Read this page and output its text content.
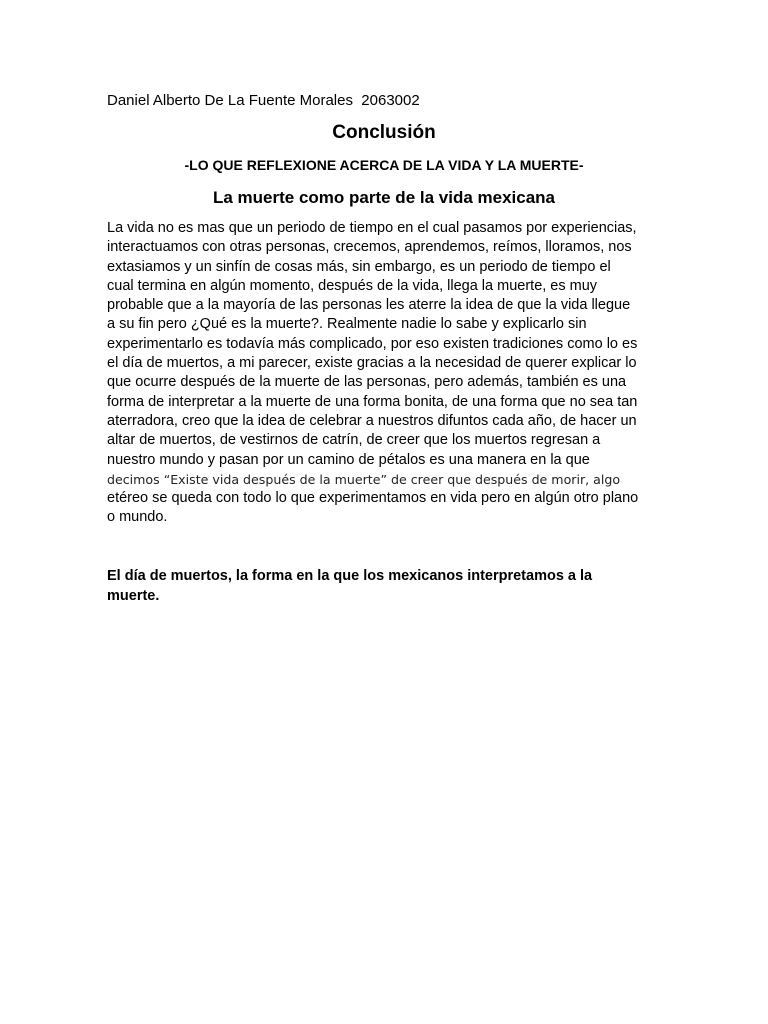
Daniel Alberto De La Fuente Morales  2063002
Conclusión
-LO QUE REFLEXIONE ACERCA DE LA VIDA Y LA MUERTE-
La muerte como parte de la vida mexicana
La vida no es mas que un periodo de tiempo en el cual pasamos por experiencias,
interactuamos con otras personas, crecemos, aprendemos, reímos, lloramos, nos
extasiamos y un sinfín de cosas más, sin embargo, es un periodo de tiempo el
cual termina en algún momento, después de la vida, llega la muerte, es muy
probable que a la mayoría de las personas les aterre la idea de que la vida llegue
a su fin pero ¿Qué es la muerte?. Realmente nadie lo sabe y explicarlo sin
experimentarlo es todavía más complicado, por eso existen tradiciones como lo es
el día de muertos, a mi parecer, existe gracias a la necesidad de querer explicar lo
que ocurre después de la muerte de las personas, pero además, también es una
forma de interpretar a la muerte de una forma bonita, de una forma que no sea tan
aterradora, creo que la idea de celebrar a nuestros difuntos cada año, de hacer un
altar de muertos, de vestirnos de catrín, de creer que los muertos regresan a
nuestro mundo y pasan por un camino de pétalos es una manera en la que
decimos “Existe vida después de la muerte” de creer que después de morir, algo
etéreo se queda con todo lo que experimentamos en vida pero en algún otro plano
o mundo.
El día de muertos, la forma en la que los mexicanos interpretamos a la
muerte.
